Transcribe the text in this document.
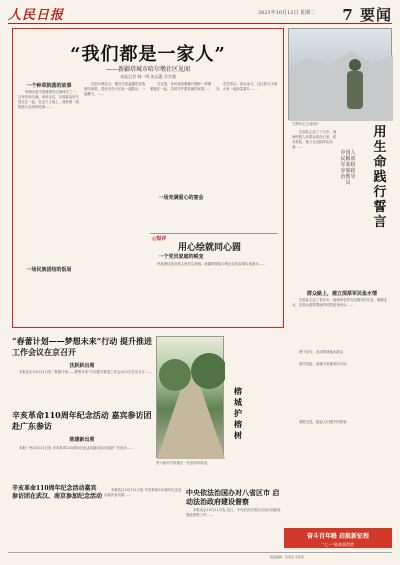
人民日报	7 要闻
2021年10月12日 星期二
“我们都是一家人”
——新疆塔城市哈尔墩社区见闻
本报记者 韩一鸣 张远惠 乔杰涵
一个种草院落的故事

塔城市是中国重要的边境城市之一，这里东西交流、南来北往，各族群众世代居住在一起，在这片土地上，流传着一段段感人至深的故事……

在哈尔墩社区，随处可见温馨的民族团结场景，居民们在小区里一起散步、一起聊天，……

在这里，各民族同胞像石榴籽一样紧紧抱在一起，共同守护着美丽的家园……

党员带头、群众参与，社区的大小事务，大家一起商量着办……

一场充满爱心的宴会
一个党员家庭的蜕变
一场民族团结的饭局
◎短评
用心绘就同心圆

民族团结是各族人民的生命线。新疆塔城哈尔墩社区的故事告诉我们……

王辉同志生前照片
中国人民解放军某机步旅政治教导员
用生命践行誓言

在部队生活了十几年，他始终把人民群众放在心里，面对危险，他义无反顾冲在前面……

群众路上，建立深厚军民鱼水情

在部队生活了很多年，他始终坚持为民服务的宗旨，兢兢业业，在群众需要帮助的时候挺身而出……

“春蕾计划——梦想未来”行动 提升推进工作会议在京召开
沈跃跃出席

本报北京10月11日电 “春蕾计划——梦想未来”行动提升推进工作会议11日在京召开……

榕城 护榕树
图为福州市鼓楼区一处榕树林荫道。

勇于担当，成功救援落水群众

面对危险，他毫不犹豫冲向火场

勇敢无畏，挺起人们眼中的脊梁

辛亥革命110周年纪念活动 嘉宾参访团赴广东参访
陈建新出席

本报广州10月11日电 辛亥革命110周年纪念活动嘉宾参访团赴广东参访……

辛亥革命110周年纪念活动嘉宾参访团在武汉、南京参加纪念活动

本报武汉10月11日电 辛亥革命110周年纪念活动嘉宾参访团……	中央依法治国办对八省区市 启动法治政府建设督察

本报北京10月11日电 近日，中央依法治国办启动法治政府建设督察工作……

奋斗百年路 启航新征程
“七一”勋章获得者
版面编辑：张某某 李某某
